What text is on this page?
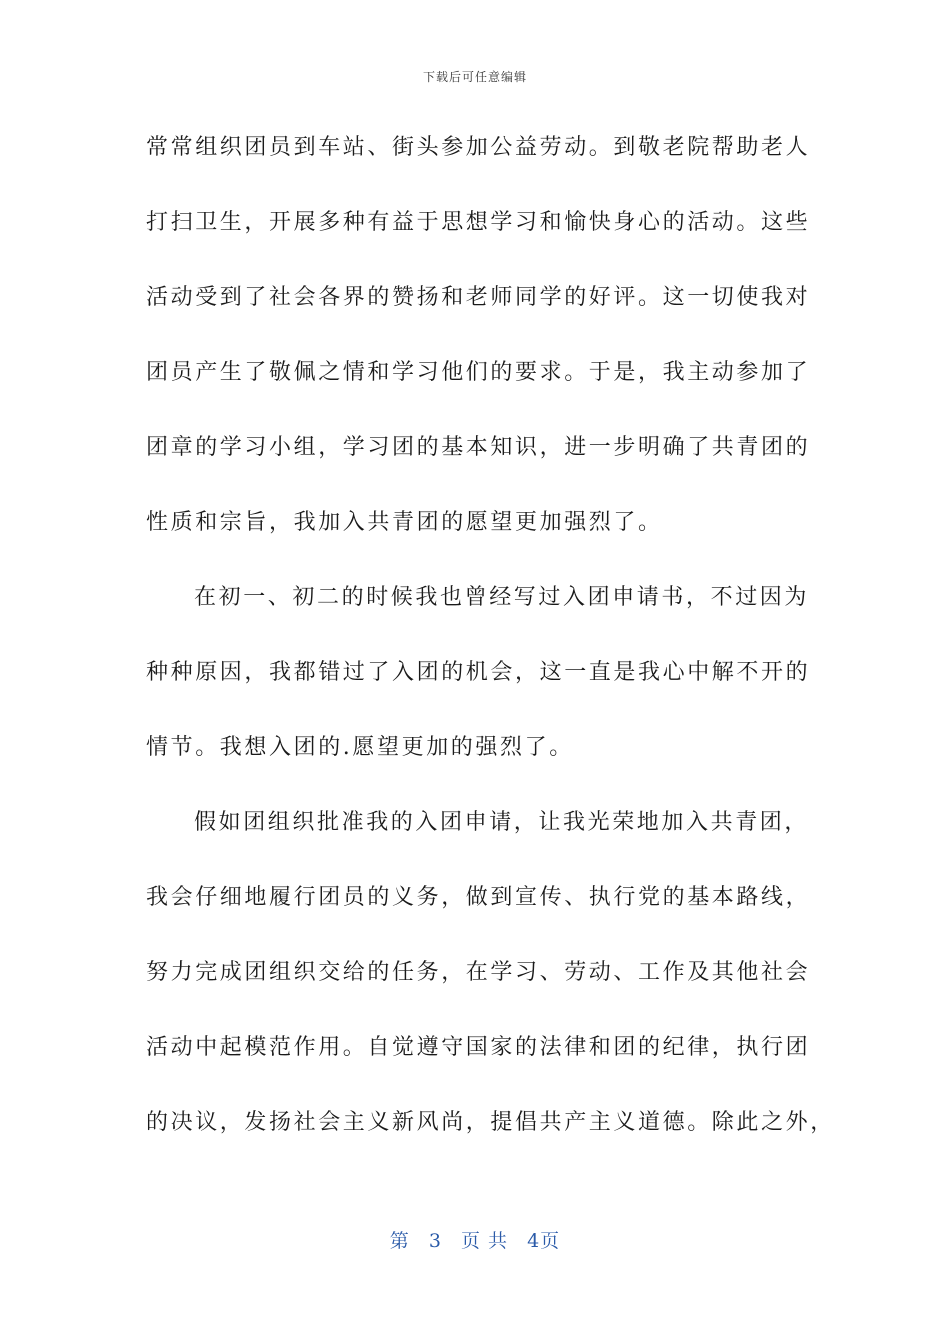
下载后可任意编辑
常常组织团员到车站、街头参加公益劳动。到敬老院帮助老人
打扫卫生，开展多种有益于思想学习和愉快身心的活动。这些
活动受到了社会各界的赞扬和老师同学的好评。这一切使我对
团员产生了敬佩之情和学习他们的要求。于是，我主动参加了
团章的学习小组，学习团的基本知识，进一步明确了共青团的
性质和宗旨，我加入共青团的愿望更加强烈了。
在初一、初二的时候我也曾经写过入团申请书，不过因为
种种原因，我都错过了入团的机会，这一直是我心中解不开的
情节。我想入团的.愿望更加的强烈了。
假如团组织批准我的入团申请，让我光荣地加入共青团，
我会仔细地履行团员的义务，做到宣传、执行党的基本路线，
努力完成团组织交给的任务，在学习、劳动、工作及其他社会
活动中起模范作用。自觉遵守国家的法律和团的纪律，执行团
的决议，发扬社会主义新风尚，提倡共产主义道德。除此之外，
第 3 页 共 4页
